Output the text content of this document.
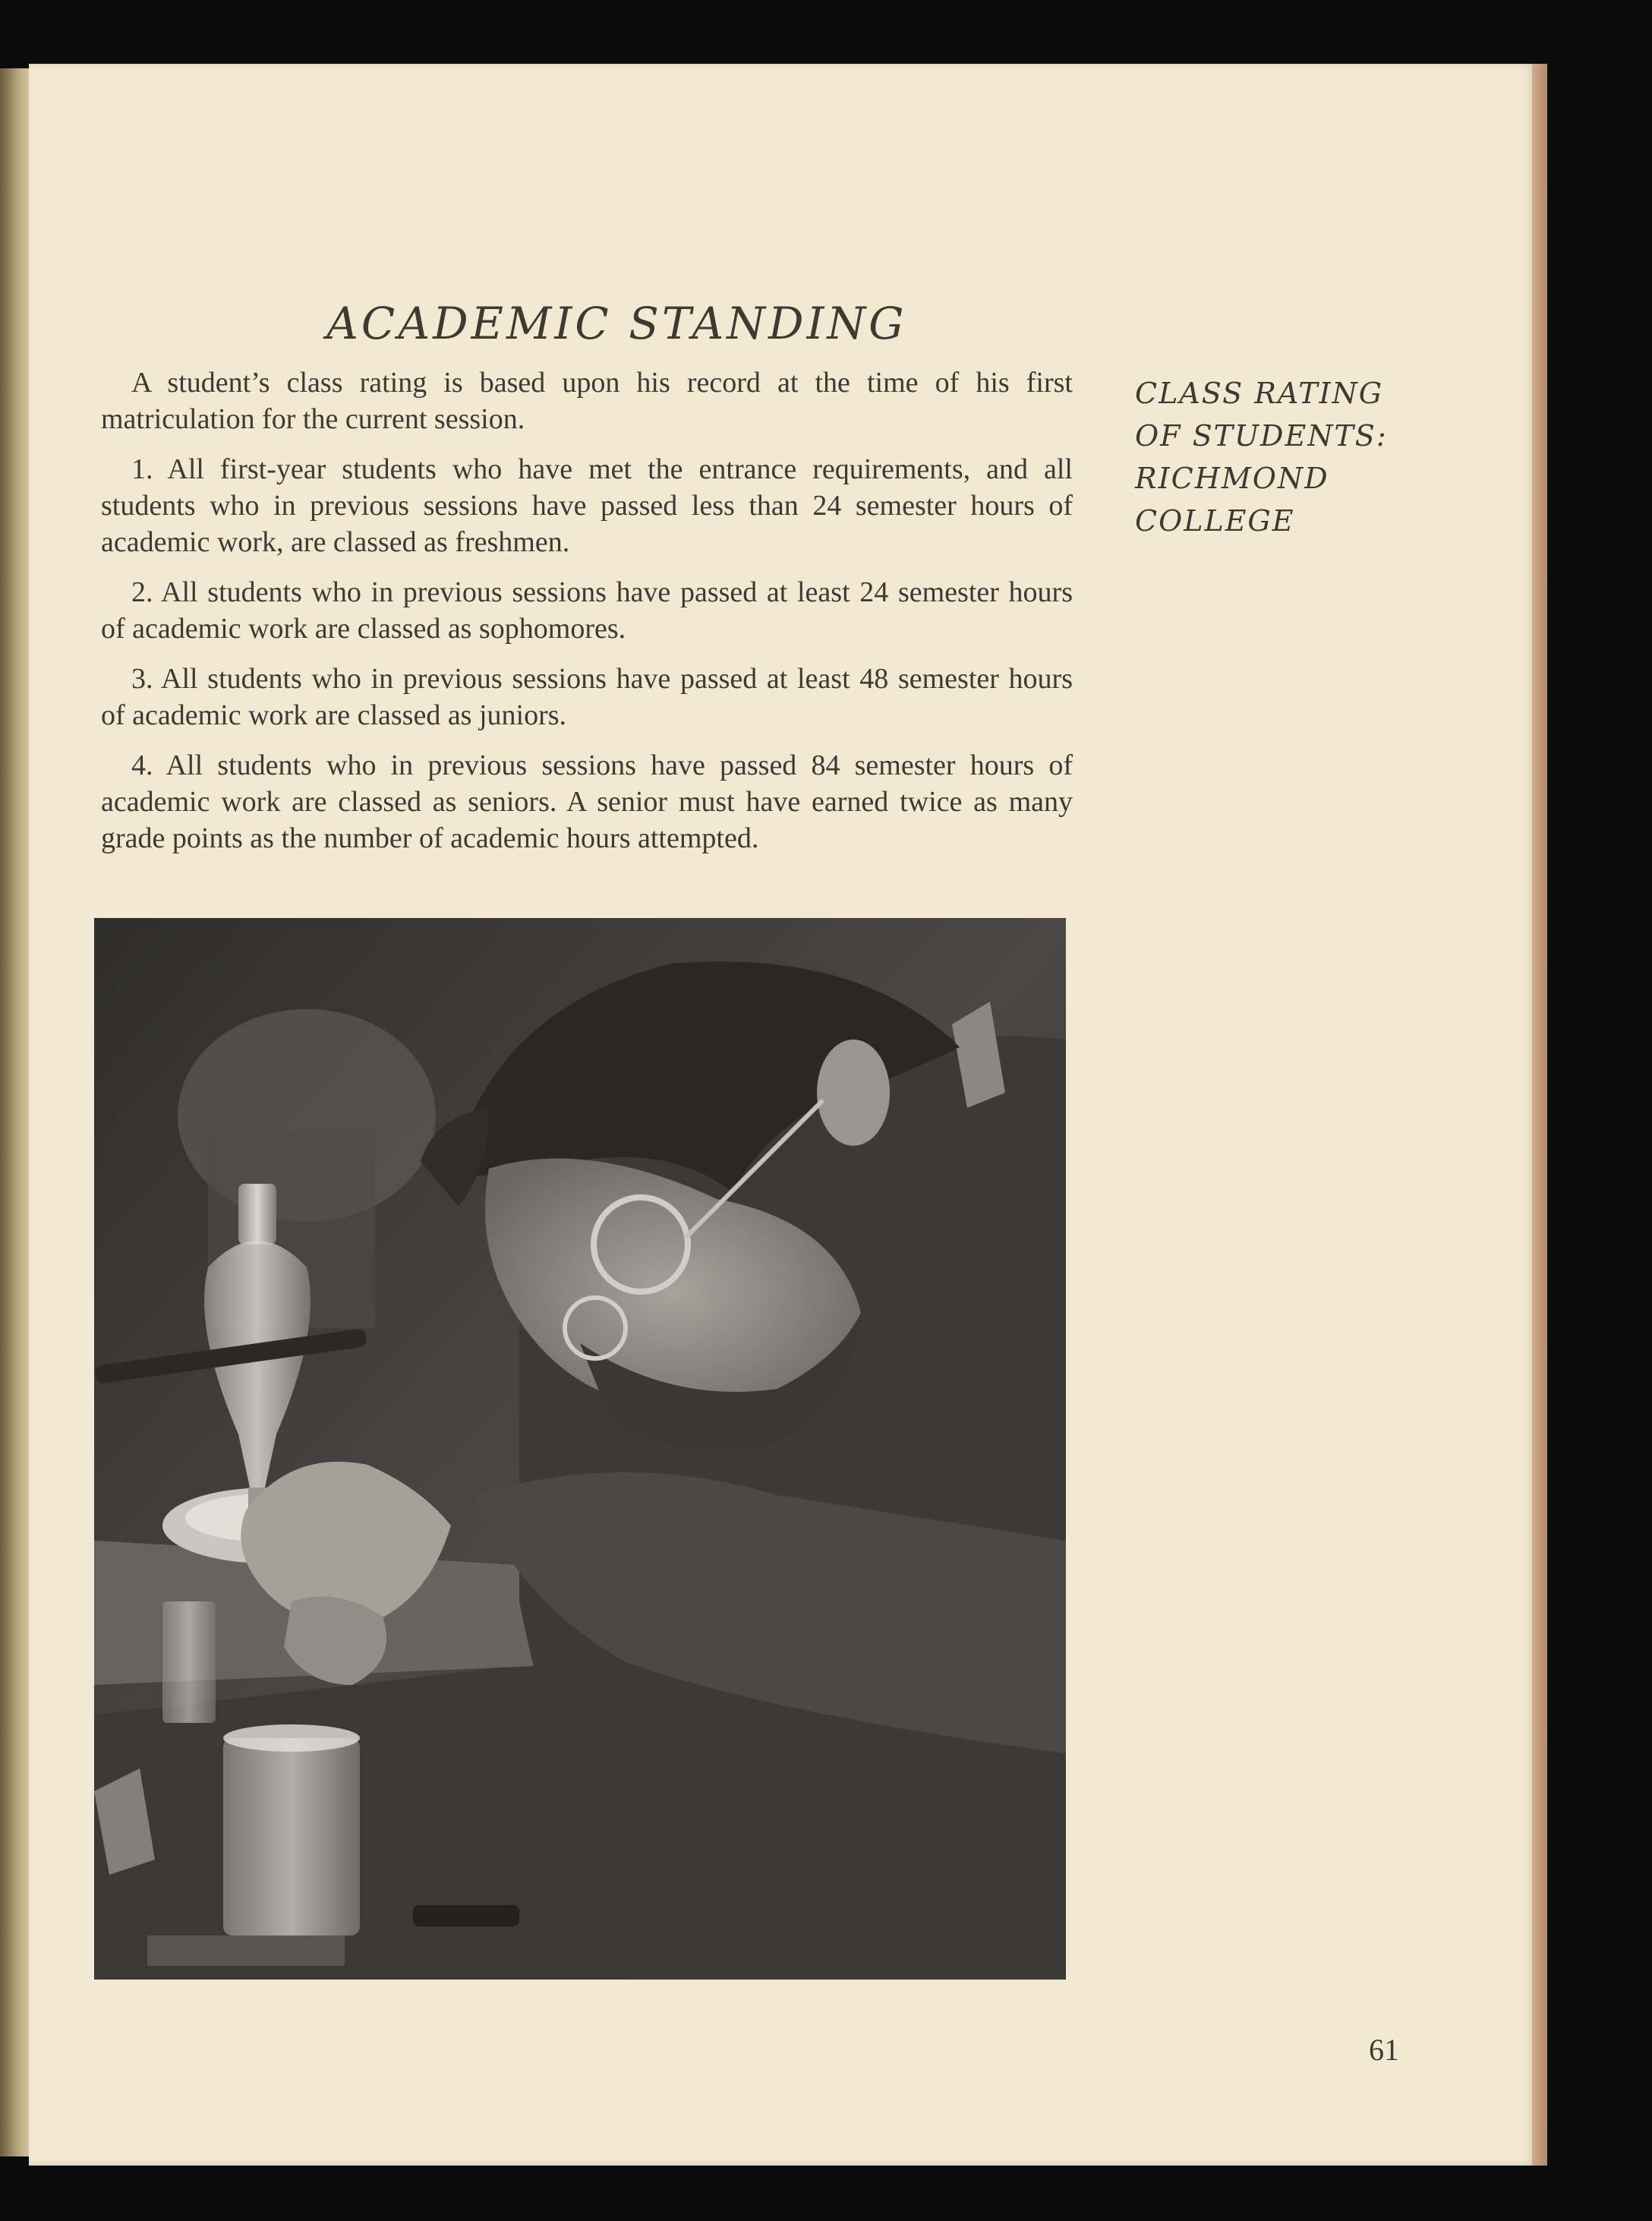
ACADEMIC STANDING

A student’s class rating is based upon his record at the time of his first matriculation for the current session.

1. All first-year students who have met the entrance requirements, and all students who in previous sessions have passed less than 24 semester hours of academic work, are classed as freshmen.

2. All students who in previous sessions have passed at least 24 semester hours of academic work are classed as sophomores.

3. All students who in previous sessions have passed at least 48 semester hours of academic work are classed as juniors.

4. All students who in previous sessions have passed 84 semester hours of academic work are classed as seniors. A senior must have earned twice as many grade points as the number of academic hours attempted.

CLASS RATING
OF STUDENTS:
RICHMOND
COLLEGE
61
